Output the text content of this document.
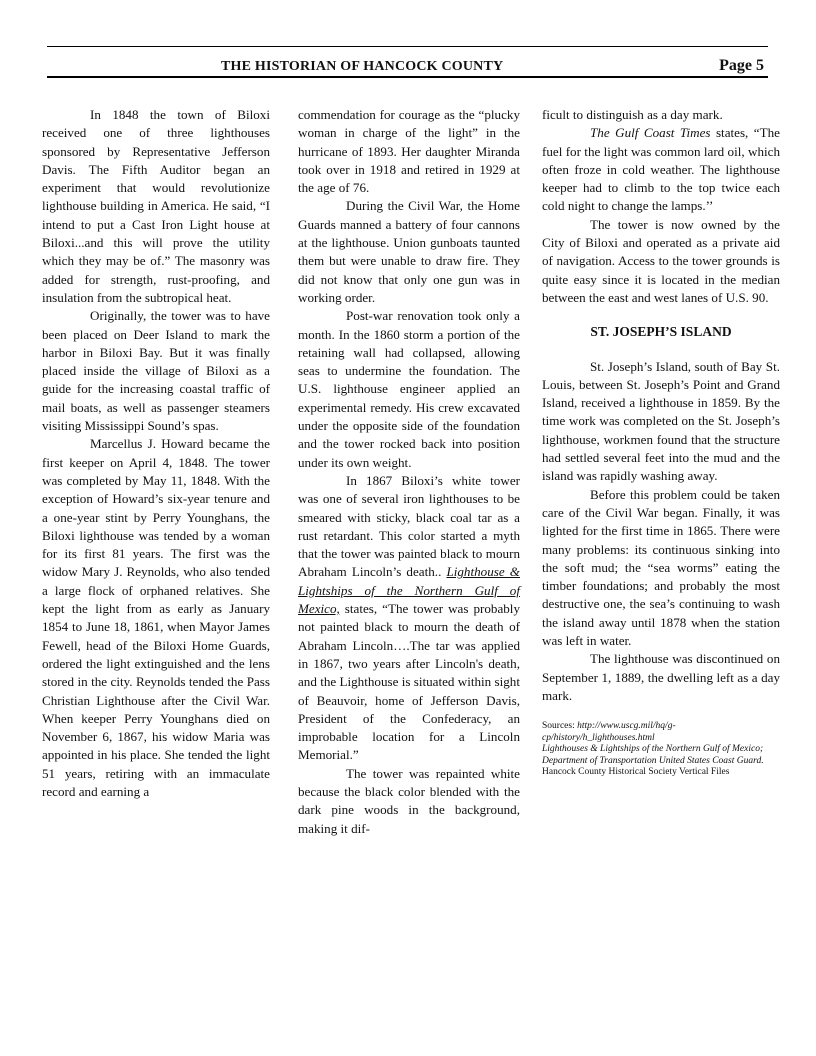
THE HISTORIAN OF HANCOCK COUNTY	Page 5

In 1848 the town of Biloxi received one of three lighthouses sponsored by Representative Jefferson Davis. The Fifth Auditor began an experiment that would revolutionize lighthouse building in America. He said, “I intend to put a Cast Iron Light house at Biloxi...and this will prove the utility which they may be of.” The masonry was added for strength, rust-proofing, and insulation from the subtropical heat.

Originally, the tower was to have been placed on Deer Island to mark the harbor in Biloxi Bay. But it was finally placed inside the village of Biloxi as a guide for the increasing coastal traffic of mail boats, as well as passenger steamers visiting Mississippi Sound’s spas.

Marcellus J. Howard became the first keeper on April 4, 1848. The tower was completed by May 11, 1848. With the exception of Howard’s six-year tenure and a one-year stint by Perry Younghans, the Biloxi lighthouse was tended by a woman for its first 81 years. The first was the widow Mary J. Reynolds, who also tended a large flock of orphaned relatives. She kept the light from as early as January 1854 to June 18, 1861, when Mayor James Fewell, head of the Biloxi Home Guards, ordered the light extinguished and the lens stored in the city. Reynolds tended the Pass Christian Lighthouse after the Civil War. When keeper Perry Younghans died on November 6, 1867, his widow Maria was appointed in his place. She tended the light 51 years, retiring with an immaculate record and earning a

commendation for courage as the “plucky woman in charge of the light” in the hurricane of 1893. Her daughter Miranda took over in 1918 and retired in 1929 at the age of 76.

During the Civil War, the Home Guards manned a battery of four cannons at the lighthouse. Union gunboats taunted them but were unable to draw fire. They did not know that only one gun was in working order.

Post-war renovation took only a month. In the 1860 storm a portion of the retaining wall had collapsed, allowing seas to undermine the foundation. The U.S. lighthouse engineer applied an experimental remedy. His crew excavated under the opposite side of the foundation and the tower rocked back into position under its own weight.

In 1867 Biloxi’s white tower was one of several iron lighthouses to be smeared with sticky, black coal tar as a rust retardant. This color started a myth that the tower was painted black to mourn Abraham Lincoln’s death.. Lighthouse & Lightships of the Northern Gulf of Mexico, states, “The tower was probably not painted black to mourn the death of Abraham Lincoln….The tar was applied in 1867, two years after Lincoln's death, and the Lighthouse is situated within sight of Beauvoir, home of Jefferson Davis, President of the Confederacy, an improbable location for a Lincoln Memorial.”

The tower was repainted white because the black color blended with the dark pine woods in the background, making it dif-

ficult to distinguish as a day mark.

The Gulf Coast Times states, “The fuel for the light was common lard oil, which often froze in cold weather. The lighthouse keeper had to climb to the top twice each cold night to change the lamps.’’

The tower is now owned by the City of Biloxi and operated as a private aid of navigation. Access to the tower grounds is quite easy since it is located in the median between the east and west lanes of U.S. 90.

ST. JOSEPH’S ISLAND

St. Joseph’s Island, south of Bay St. Louis, between St. Joseph’s Point and Grand Island, received a lighthouse in 1859. By the time work was completed on the St. Joseph’s lighthouse, workmen found that the structure had settled several feet into the mud and the island was rapidly washing away.

Before this problem could be taken care of the Civil War began. Finally, it was lighted for the first time in 1865. There were many problems: its continuous sinking into the soft mud; the “sea worms” eating the timber foundations; and probably the most destructive one, the sea’s continuing to wash the island away until 1878 when the station was left in water.

The lighthouse was discontinued on September 1, 1889, the dwelling left as a day mark.

Sources: http://www.uscg.mil/hq/g-cp/history/h_lighthouses.html
Lighthouses & Lightships of the Northern Gulf of Mexico; Department of Transportation United States Coast Guard.
Hancock County Historical Society Vertical Files
